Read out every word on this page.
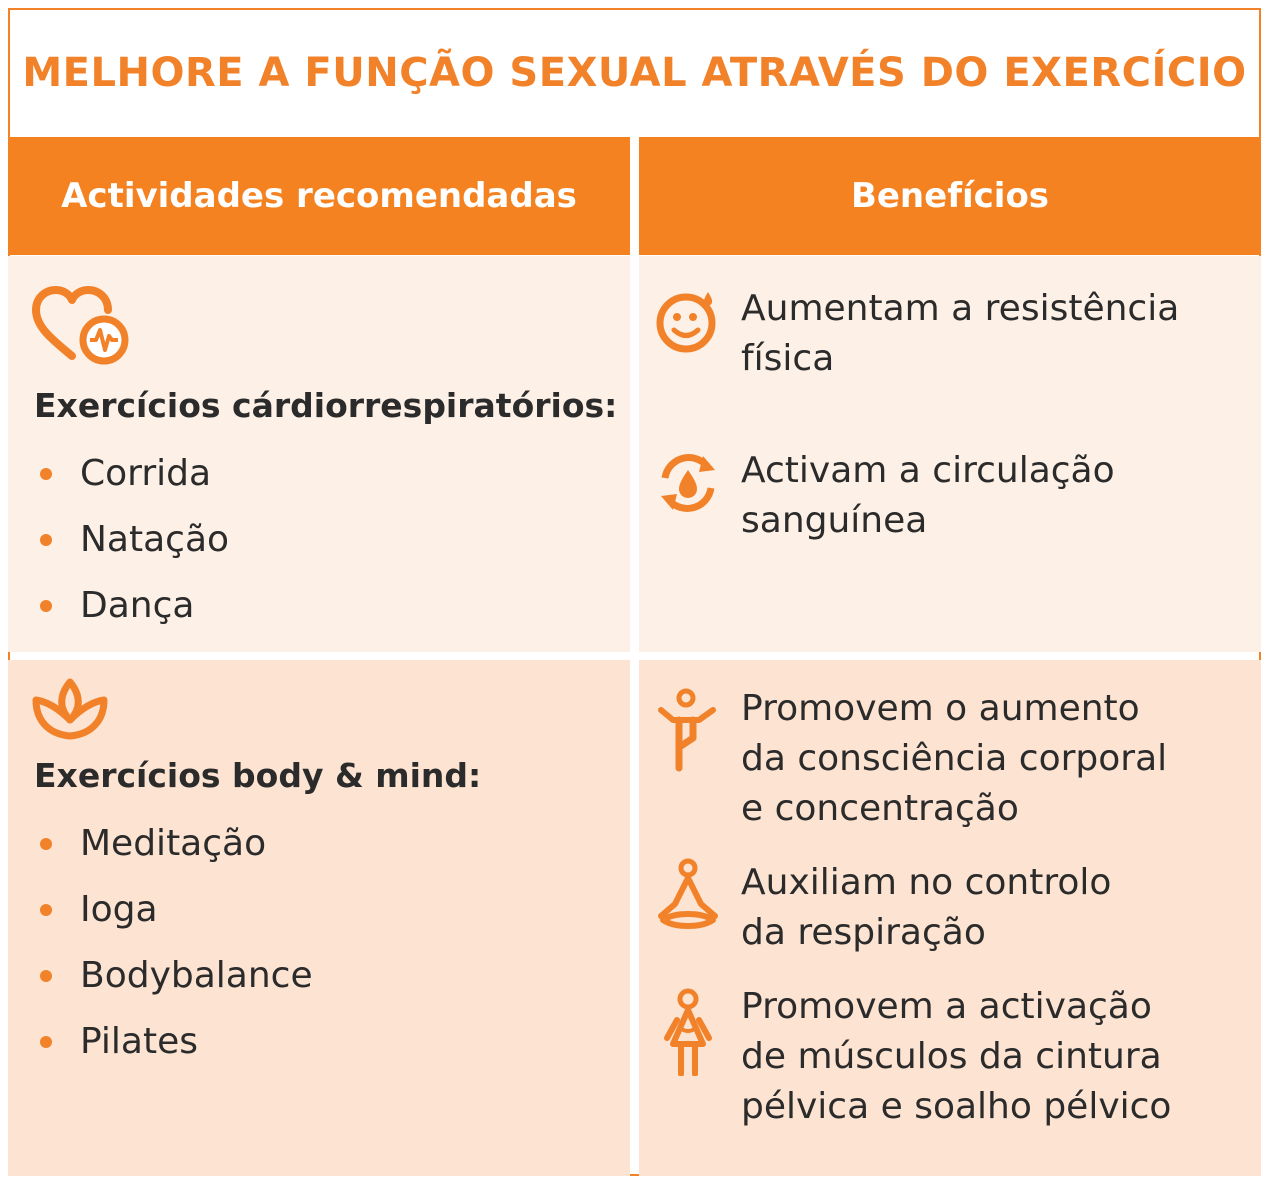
MELHORE A FUNÇÃO SEXUAL ATRAVÉS DO EXERCÍCIO
Actividades recomendadas	Benefícios
Exercícios cárdiorrespiratórios:
Corrida
Natação
Dança
Aumentam a resistência
física
Activam a circulação
sanguínea
Exercícios body & mind:
Meditação
Ioga
Bodybalance
Pilates
Promovem o aumento
da consciência corporal
e concentração
Auxiliam no controlo
da respiração
Promovem a activação
de músculos da cintura
pélvica e soalho pélvico
